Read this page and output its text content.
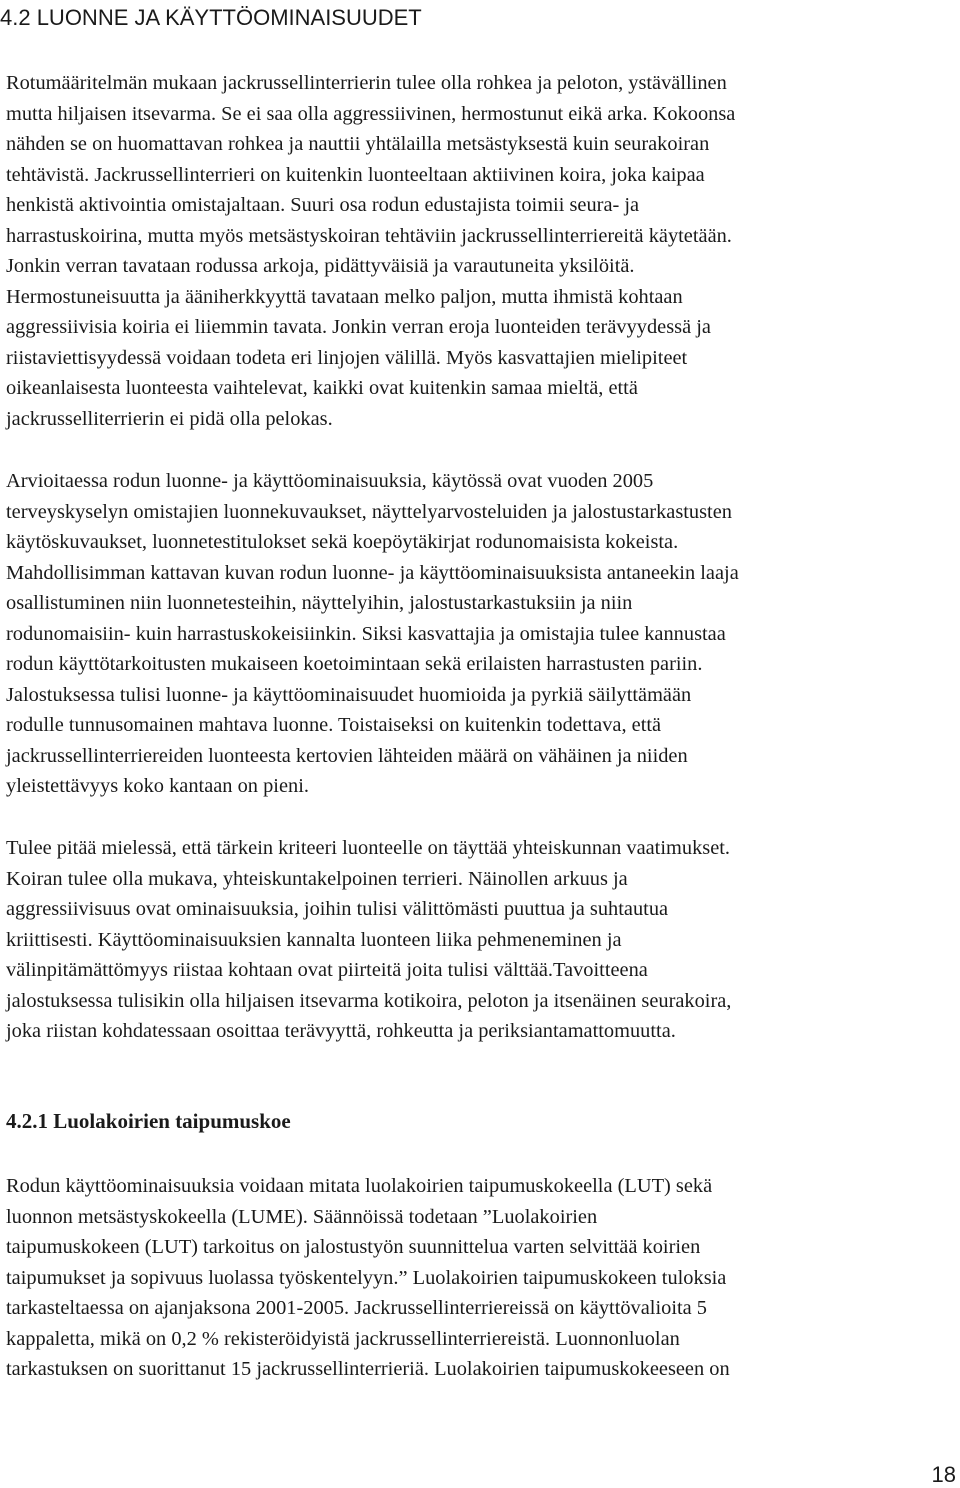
4.2 LUONNE JA KÄYTTÖOMINAISUUDET
Rotumääritelmän mukaan jackrussellinterrierin tulee olla rohkea ja peloton, ystävällinen
mutta hiljaisen itsevarma. Se ei saa olla aggressiivinen, hermostunut eikä arka. Kokoonsa
nähden se on huomattavan rohkea ja nauttii yhtälailla metsästyksestä kuin seurakoiran
tehtävistä. Jackrussellinterrieri on kuitenkin luonteeltaan aktiivinen koira, joka kaipaa
henkistä aktivointia omistajaltaan. Suuri osa rodun edustajista toimii seura- ja
harrastuskoirina, mutta myös metsästyskoiran tehtäviin jackrussellinterriereitä käytetään.
Jonkin verran tavataan rodussa arkoja, pidättyväisiä ja varautuneita yksilöitä.
Hermostuneisuutta ja ääniherkkyyttä tavataan melko paljon, mutta ihmistä kohtaan
aggressiivisia koiria ei liiemmin tavata. Jonkin verran eroja luonteiden terävyydessä ja
riistaviettisyydessä voidaan todeta eri linjojen välillä. Myös kasvattajien mielipiteet
oikeanlaisesta luonteesta vaihtelevat, kaikki ovat kuitenkin samaa mieltä, että
jackrusselliterrierin ei pidä olla pelokas.
Arvioitaessa rodun luonne- ja käyttöominaisuuksia, käytössä ovat vuoden 2005
terveyskyselyn omistajien luonnekuvaukset, näyttelyarvosteluiden ja jalostustarkastusten
käytöskuvaukset, luonnetestitulokset sekä koepöytäkirjat rodunomaisista kokeista.
Mahdollisimman kattavan kuvan rodun luonne- ja käyttöominaisuuksista antaneekin laaja
osallistuminen niin luonnetesteihin, näyttelyihin, jalostustarkastuksiin ja niin
rodunomaisiin- kuin harrastuskokeisiinkin. Siksi kasvattajia ja omistajia tulee kannustaa
rodun käyttötarkoitusten mukaiseen koetoimintaan sekä erilaisten harrastusten pariin.
Jalostuksessa tulisi luonne- ja käyttöominaisuudet huomioida ja pyrkiä säilyttämään
rodulle tunnusomainen mahtava luonne. Toistaiseksi on kuitenkin todettava, että
jackrussellinterriereiden luonteesta kertovien lähteiden määrä on vähäinen ja niiden
yleistettävyys koko kantaan on pieni.
Tulee pitää mielessä, että tärkein kriteeri luonteelle on täyttää yhteiskunnan vaatimukset.
Koiran tulee olla mukava, yhteiskuntakelpoinen terrieri. Näinollen arkuus ja
aggressiivisuus ovat ominaisuuksia, joihin tulisi välittömästi puuttua ja suhtautua
kriittisesti. Käyttöominaisuuksien kannalta luonteen liika pehmeneminen ja
välinpitämättömyys riistaa kohtaan ovat piirteitä joita tulisi välttää.Tavoitteena
jalostuksessa tulisikin olla hiljaisen itsevarma kotikoira, peloton ja itsenäinen seurakoira,
joka riistan kohdatessaan osoittaa terävyyttä, rohkeutta ja periksiantamattomuutta.
4.2.1 Luolakoirien taipumuskoe
Rodun käyttöominaisuuksia voidaan mitata luolakoirien taipumuskokeella (LUT) sekä
luonnon metsästyskokeella (LUME). Säännöissä todetaan ”Luolakoirien
taipumuskokeen (LUT) tarkoitus on jalostustyön suunnittelua varten selvittää koirien
taipumukset ja sopivuus luolassa työskentelyyn.” Luolakoirien taipumuskokeen tuloksia
tarkasteltaessa on ajanjaksona 2001-2005. Jackrussellinterriereissä on käyttövalioita 5
kappaletta, mikä on 0,2 % rekisteröidyistä jackrussellinterriereistä. Luonnonluolan
tarkastuksen on suorittanut 15 jackrussellinterrieriä. Luolakoirien taipumuskokeeseen on
18
